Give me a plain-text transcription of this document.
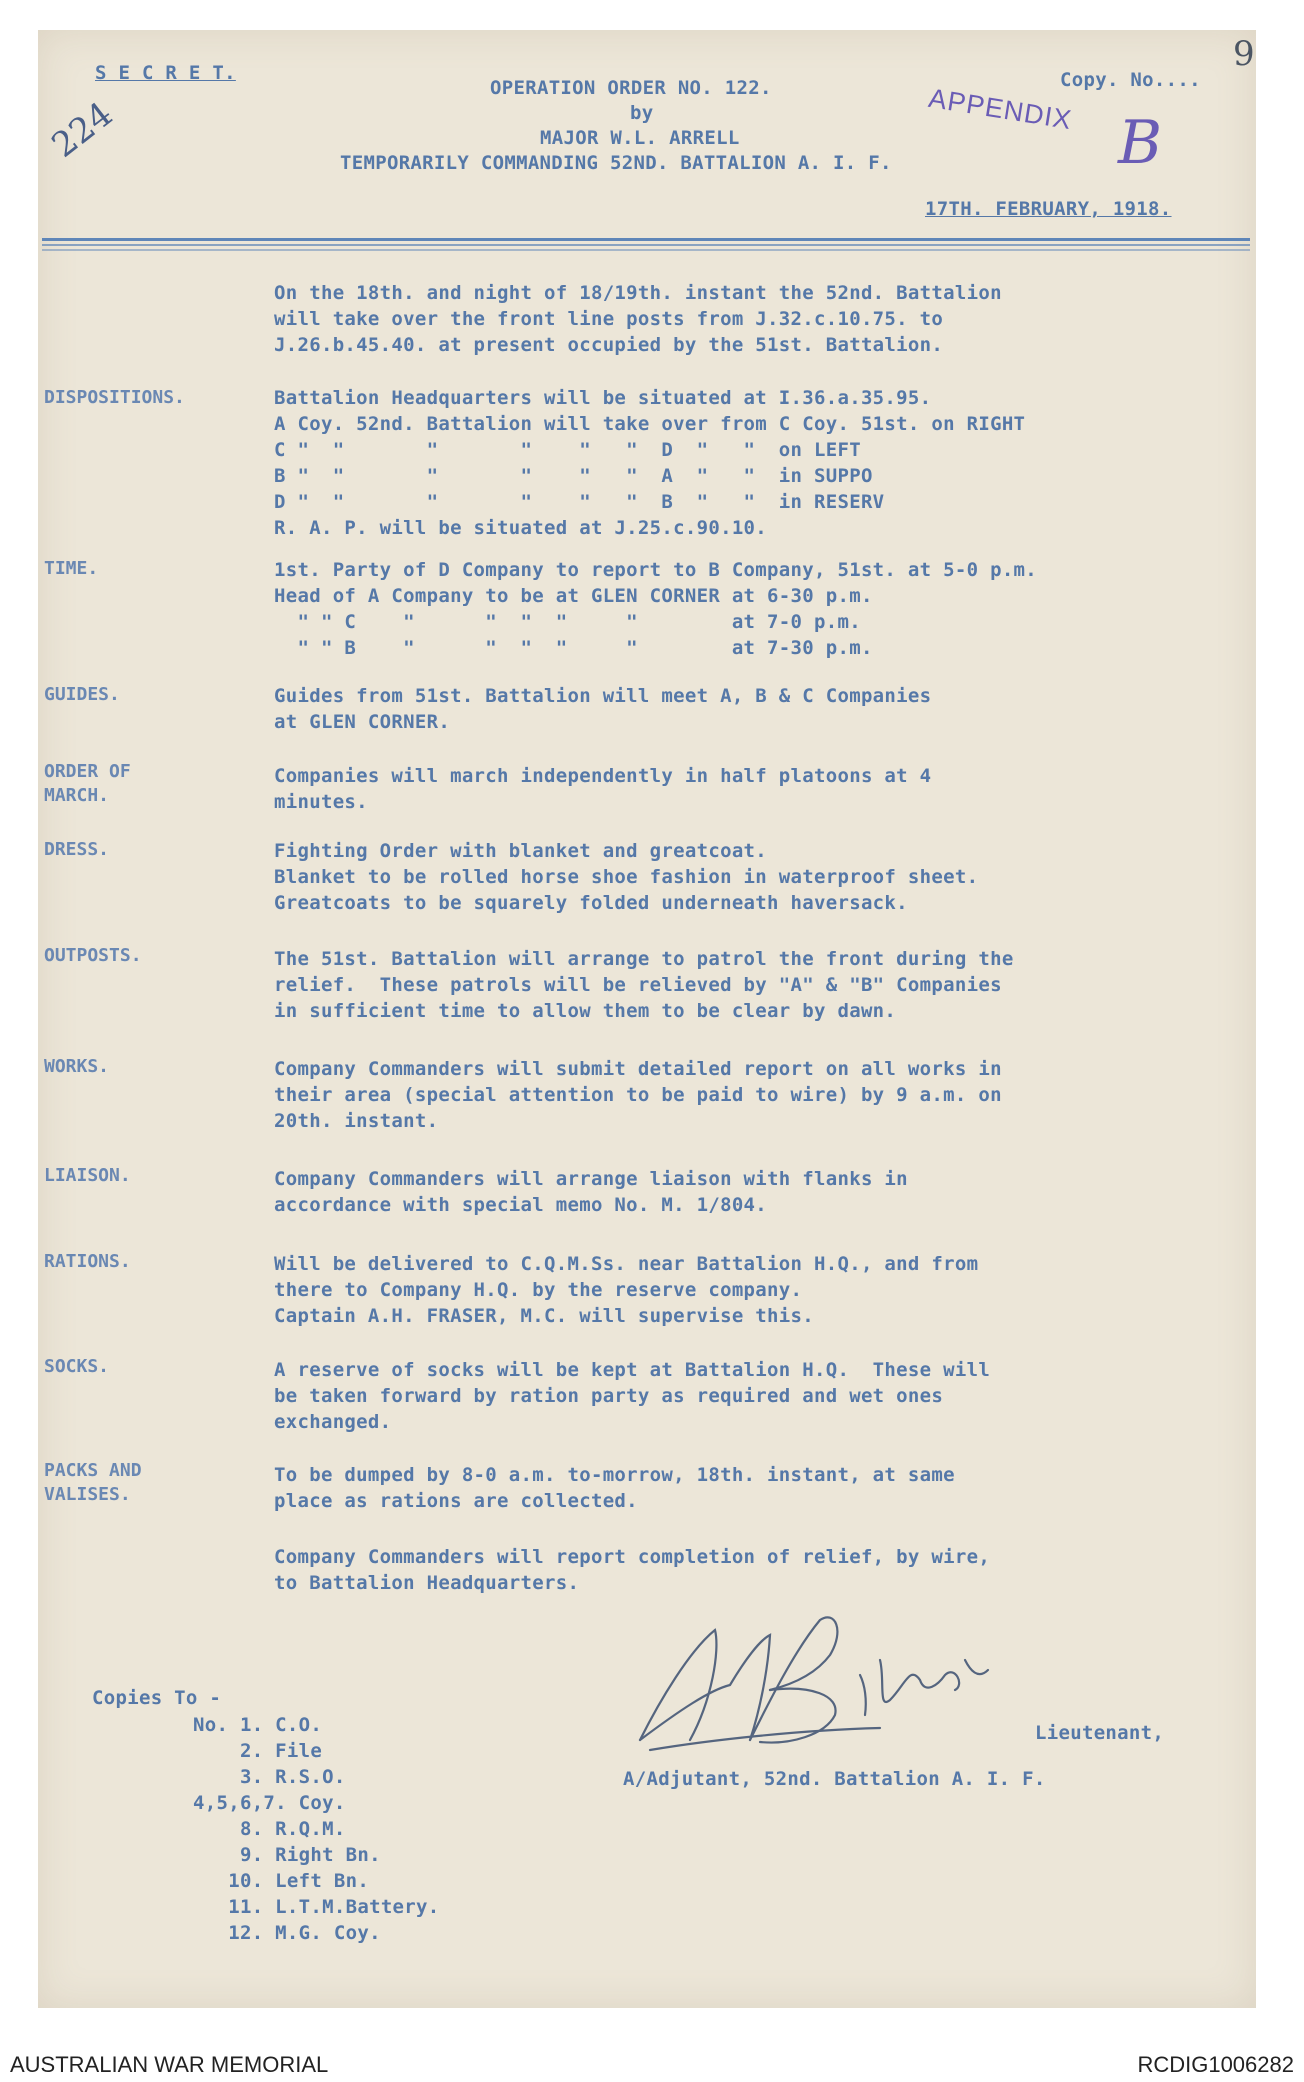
9
224	APPENDIX B
S E C R E T.
OPERATION ORDER NO. 122.	Copy. No....
by
MAJOR W.L. ARRELL
TEMPORARILY COMMANDING 52ND. BATTALION A. I. F.
17TH. FEBRUARY, 1918.
On the 18th. and night of 18/19th. instant the 52nd. Battalion
will take over the front line posts from J.32.c.10.75. to
J.26.b.45.40. at present occupied by the 51st. Battalion.
DISPOSITIONS.	Battalion Headquarters will be situated at I.36.a.35.95.
A Coy. 52nd. Battalion will take over from C Coy. 51st. on RIGHT
C "  "       "       "    "   "  D  "   "  on LEFT
B "  "       "       "    "   "  A  "   "  in SUPPO
D "  "       "       "    "   "  B  "   "  in RESERV
R. A. P. will be situated at J.25.c.90.10.
TIME.	1st. Party of D Company to report to B Company, 51st. at 5-0 p.m.
Head of A Company to be at GLEN CORNER at 6-30 p.m.
" " C    "      "  "  "     "        at 7-0 p.m.
" " B    "      "  "  "     "        at 7-30 p.m.
GUIDES.	Guides from 51st. Battalion will meet A, B & C Companies
at GLEN CORNER.
ORDER OF
MARCH.
Companies will march independently in half platoons at 4
minutes.
DRESS.	Fighting Order with blanket and greatcoat.
Blanket to be rolled horse shoe fashion in waterproof sheet.
Greatcoats to be squarely folded underneath haversack.
OUTPOSTS.	The 51st. Battalion will arrange to patrol the front during the
relief.  These patrols will be relieved by "A" & "B" Companies
in sufficient time to allow them to be clear by dawn.
WORKS.	Company Commanders will submit detailed report on all works in
their area (special attention to be paid to wire) by 9 a.m. on
20th. instant.
LIAISON.	Company Commanders will arrange liaison with flanks in
accordance with special memo No. M. 1/804.
RATIONS.	Will be delivered to C.Q.M.Ss. near Battalion H.Q., and from
there to Company H.Q. by the reserve company.
Captain A.H. FRASER, M.C. will supervise this.
SOCKS.	A reserve of socks will be kept at Battalion H.Q.  These will
be taken forward by ration party as required and wet ones
exchanged.
PACKS AND
VALISES.
To be dumped by 8-0 a.m. to-morrow, 18th. instant, at same
place as rations are collected.
Company Commanders will report completion of relief, by wire,
to Battalion Headquarters.
Lieutenant,
A/Adjutant, 52nd. Battalion A. I. F.
Copies To -
No. 1. C.O.
2. File
3. R.S.O.
4,5,6,7. Coy.
8. R.Q.M.
9. Right Bn.
10. Left Bn.
11. L.T.M.Battery.
12. M.G. Coy.
AUSTRALIAN WAR MEMORIAL	RCDIG1006282
